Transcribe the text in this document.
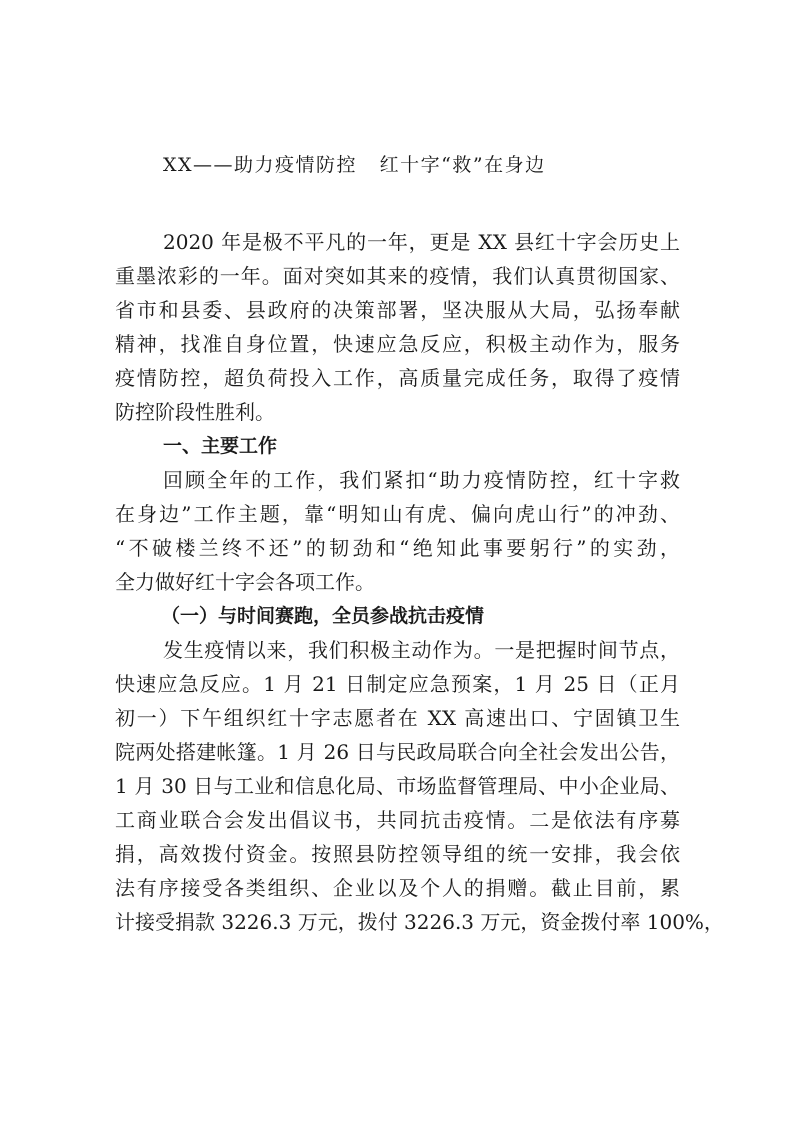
XX——助力疫情防控   红十字“救”在身边
2020 年是极不平凡的一年，更是 XX 县红十字会历史上
重墨浓彩的一年。面对突如其来的疫情，我们认真贯彻国家、
省市和县委、县政府的决策部署，坚决服从大局，弘扬奉献
精神，找准自身位置，快速应急反应，积极主动作为，服务
疫情防控，超负荷投入工作，高质量完成任务，取得了疫情
防控阶段性胜利。
一、主要工作
回顾全年的工作，我们紧扣“助力疫情防控，红十字救
在身边”工作主题，靠“明知山有虎、偏向虎山行”的冲劲、
“不破楼兰终不还”的韧劲和“绝知此事要躬行”的实劲，
全力做好红十字会各项工作。
（一）与时间赛跑，全员参战抗击疫情
发生疫情以来，我们积极主动作为。一是把握时间节点，
快速应急反应。1 月 21 日制定应急预案，1 月 25 日（正月
初一）下午组织红十字志愿者在 XX 高速出口、宁固镇卫生
院两处搭建帐篷。1 月 26 日与民政局联合向全社会发出公告，
1 月 30 日与工业和信息化局、市场监督管理局、中小企业局、
工商业联合会发出倡议书，共同抗击疫情。二是依法有序募
捐，高效拨付资金。按照县防控领导组的统一安排，我会依
法有序接受各类组织、企业以及个人的捐赠。截止目前，累
计接受捐款 3226.3 万元，拨付 3226.3 万元，资金拨付率 100%，
